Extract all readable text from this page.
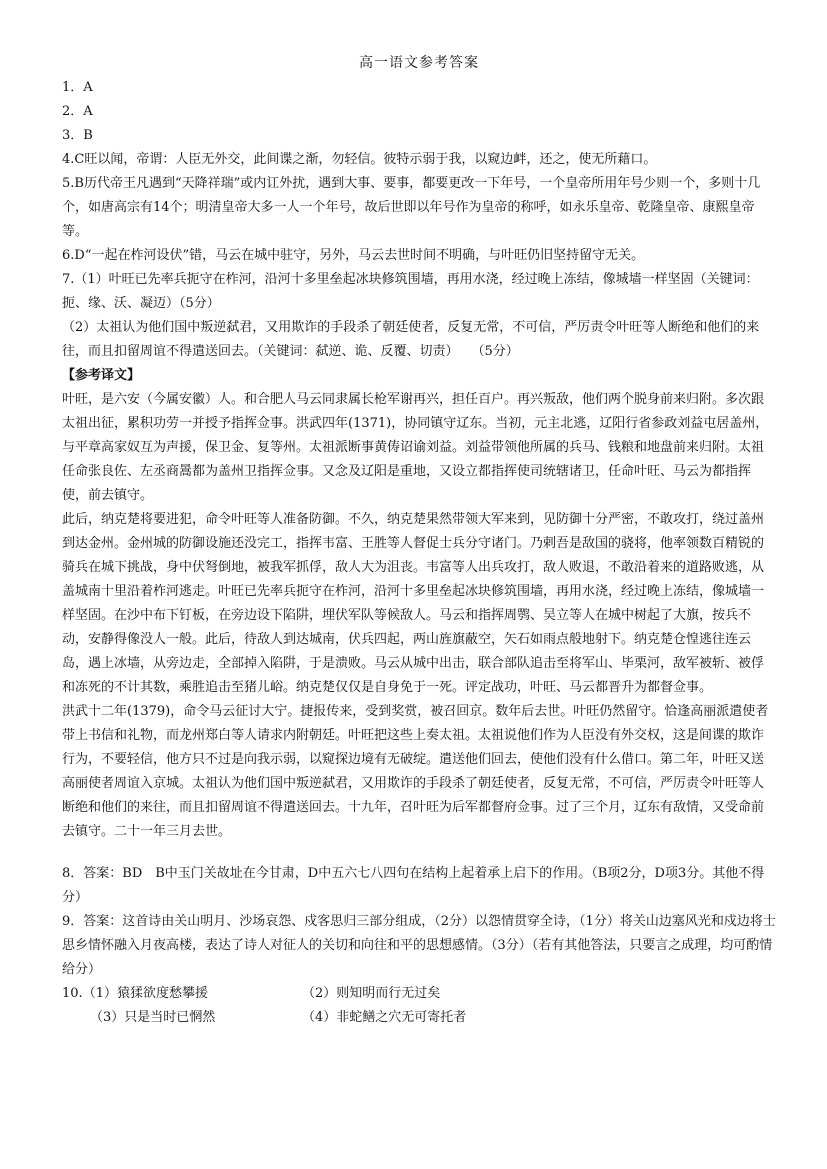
高一语文参考答案

1．A

2．A

3．B

4.C旺以闻，帝谓：人臣无外交，此间谍之渐，勿轻信。彼特示弱于我，以窥边衅，还之，使无所藉口。

5.B历代帝王凡遇到“天降祥瑞”或内讧外扰，遇到大事、要事，都要更改一下年号，一个皇帝所用年号少则一个，多则十几个，如唐高宗有14个；明清皇帝大多一人一个年号，故后世即以年号作为皇帝的称呼，如永乐皇帝、乾隆皇帝、康熙皇帝等。

6.D“一起在柞河设伏”错，马云在城中驻守，另外，马云去世时间不明确，与叶旺仍旧坚持留守无关。

7.（1）叶旺已先率兵扼守在柞河，沿河十多里垒起冰块修筑围墙，再用水浇，经过晚上冻结，像城墙一样坚固（关键词：扼、缘、沃、凝迈）（5分）

（2）太祖认为他们国中叛逆弑君，又用欺诈的手段杀了朝廷使者，反复无常，不可信，严厉责令叶旺等人断绝和他们的来往，而且扣留周谊不得遣送回去。（关键词：弑逆、诡、反覆、切责）　　（5分）

【参考译文】

叶旺，是六安（今属安徽）人。和合肥人马云同隶属长枪军谢再兴，担任百户。再兴叛敌，他们两个脱身前来归附。多次跟太祖出征，累积功劳一并授予指挥佥事。洪武四年(1371)，协同镇守辽东。当初，元主北逃，辽阳行省参政刘益屯居盖州，与平章高家奴互为声援，保卫金、复等州。太祖派断事黄俦诏谕刘益。刘益带领他所属的兵马、钱粮和地盘前来归附。太祖任命张良佐、左丞商暠都为盖州卫指挥佥事。又念及辽阳是重地，又设立都指挥使司统辖诸卫，任命叶旺、马云为都指挥使，前去镇守。

此后，纳克楚将要进犯，命令叶旺等人准备防御。不久，纳克楚果然带领大军来到，见防御十分严密，不敢攻打，绕过盖州到达金州。金州城的防御设施还没完工，指挥韦富、王胜等人督促士兵分守诸门。乃剌吾是敌国的骁将，他率领数百精锐的骑兵在城下挑战，身中伏弩倒地，被我军抓俘，敌人大为沮丧。韦富等人出兵攻打，敌人败退，不敢沿着来的道路败逃，从盖城南十里沿着柞河逃走。叶旺已先率兵扼守在柞河，沿河十多里垒起冰块修筑围墙，再用水浇，经过晚上冻结，像城墙一样坚固。在沙中布下钉板，在旁边设下陷阱，埋伏军队等候敌人。马云和指挥周鹗、吴立等人在城中树起了大旗，按兵不动，安静得像没人一般。此后，待敌人到达城南，伏兵四起，两山旌旗蔽空，矢石如雨点般地射下。纳克楚仓惶逃往连云岛，遇上冰墙，从旁边走，全部掉入陷阱，于是溃败。马云从城中出击，联合部队追击至将军山、毕栗河，敌军被斩、被俘和冻死的不计其数，乘胜追击至猪儿峪。纳克楚仅仅是自身免于一死。评定战功，叶旺、马云都晋升为都督佥事。

洪武十二年(1379)，命令马云征讨大宁。捷报传来，受到奖赏，被召回京。数年后去世。叶旺仍然留守。恰逢高丽派遣使者带上书信和礼物，而龙州郑白等人请求内附朝廷。叶旺把这些上奏太祖。太祖说他们作为人臣没有外交权，这是间谍的欺诈行为，不要轻信，他方只不过是向我示弱，以窥探边境有无破绽。遣送他们回去，使他们没有什么借口。第二年，叶旺又送高丽使者周谊入京城。太祖认为他们国中叛逆弑君，又用欺诈的手段杀了朝廷使者，反复无常，不可信，严厉责令叶旺等人断绝和他们的来往，而且扣留周谊不得遣送回去。十九年，召叶旺为后军都督府佥事。过了三个月，辽东有敌情，又受命前去镇守。二十一年三月去世。

8．答案：BD　B中玉门关故址在今甘肃，D中五六七八四句在结构上起着承上启下的作用。（B项2分，D项3分。其他不得分）

9．答案：这首诗由关山明月、沙场哀怨、戍客思归三部分组成，（2分）以怨情贯穿全诗，（1分）将关山边塞风光和戍边将士思乡情怀融入月夜高楼，表达了诗人对征人的关切和向往和平的思想感情。（3分）（若有其他答法，只要言之成理，均可酌情给分）

10.（1）猿猱欲度愁攀援	（2）则知明而行无过矣
（3）只是当时已惘然	（4）非蛇鳝之穴无可寄托者
